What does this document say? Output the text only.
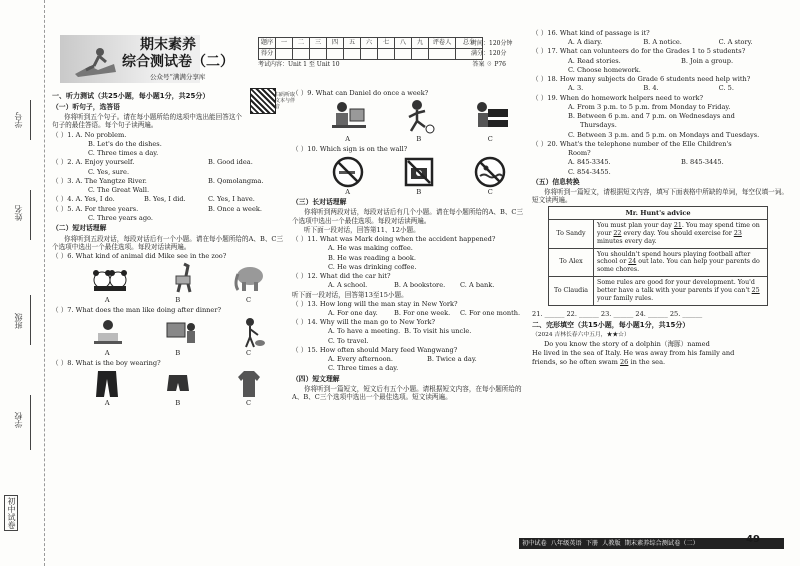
学号
姓名
班级
学校
初中试卷
期末素养
综合测试卷（二）
公众号“满满分享库
题序	一	二	三	四	五	六	七	八	九	评卷人	总分
得分											
时间：120分钟
满分：120分
考试内容：Unit 1 至 Unit 10	答案 ☉ P76
扫码听取文本与伴音
一、听力测试（共25小题，每小题1分，共25分）
（一）听句子，选答语
你将听到五个句子。请在每小题所给的选项中选出能回答这个句子的最佳答语。每个句子读两遍。
（ ）1. A. No problem.
B. Let's do the dishes.
C. Three times a day.
（ ）2. A. Enjoy yourself.	B. Good idea.
C. Yes, sure.
（ ）3. A. The Yangtze River.	B. Qomolangma.
C. The Great Wall.
（ ）4. A. Yes, I do.	B. Yes, I did.	C. Yes, I have.
（ ）5. A. For three years.	B. Once a week.
C. Three years ago.
（二）短对话理解
你将听到五段对话，每段对话后有一个小题。请在每小题所给的A、B、C三个选项中选出一个最佳选项。每段对话读两遍。
（ ）6. What kind of animal did Mike see in the zoo?
A	B	C
（ ）7. What does the man like doing after dinner?
A	B	C
（ ）8. What is the boy wearing?
A	B	C
（ ）9. What can Daniel do once a week?
A	B	C
（ ）10. Which sign is on the wall?
A	B	C
（三）长对话理解
你将听到两段对话，每段对话后有几个小题。请在每小题所给的A、B、C三个选项中选出一个最佳选项。每段对话读两遍。
听下面一段对话，回答第11、12小题。
（ ）11. What was Mark doing when the accident happened?
A. He was making coffee.
B. He was reading a book.
C. He was drinking coffee.
（ ）12. What did the car hit?
A. A school.	B. A bookstore.	C. A bank.
听下面一段对话，回答第13至15小题。
（ ）13. How long will the man stay in New York?
A. For one day.	B. For one week.	C. For one month.
（ ）14. Why will the man go to New York?
A. To have a meeting. B. To visit his uncle.
C. To travel.
（ ）15. How often should Mary feed Wangwang?
A. Every afternoon.	B. Twice a day.
C. Three times a day.
（四）短文理解
你将听到一篇短文，短文后有五个小题。请根据短文内容，在每小题所给的A、B、C三个选项中选出一个最佳选项。短文读两遍。
（ ）16. What kind of passage is it?
A. A diary.	B. A notice.	C. A story.
（ ）17. What can volunteers do for the Grades 1 to 5 students?
A. Read stories.	B. Join a group.
C. Choose homework.
（ ）18. How many subjects do Grade 6 students need help with?
A. 3.	B. 4.	C. 5.
（ ）19. When do homework helpers need to work?
A. From 3 p.m. to 5 p.m. from Monday to Friday.
B. Between 6 p.m. and 7 p.m. on Wednesdays and
Thursdays.
C. Between 3 p.m. and 5 p.m. on Mondays and Tuesdays.
（ ）20. What's the telephone number of the Elle Children's
Room?
A. 845-3345.	B. 845-3445.
C. 854-3455.
（五）信息转换
你将听到一篇短文，请根据短文内容，填写下面表格中所缺的单词，每空仅填一词。短文读两遍。
Mr. Hunt's advice	
To Sandy	You must plan your day 21. You may spend time on your 22 every day. You should exercise for 23 minutes every day.
To Alex	You shouldn't spend hours playing football after school or 24 out late. You can help your parents do some chores.
To Claudia	Some rules are good for your development. You'd better have a talk with your parents if you can't 25 your family rules.
21. ______ 22. ______ 23. ______ 24. ______ 25. ______
二、完形填空（共15小题，每小题1分，共15分）
（2024 吉林长春六中五月，★★☆）
Do you know the story of a dolphin（海豚）named
He lived in the sea of Italy. He was away from his family and
friends, so he often swam 26 in the sea.
初中试卷 八年级英语 下册 人教版 期末素养综合测试卷（二）	49
